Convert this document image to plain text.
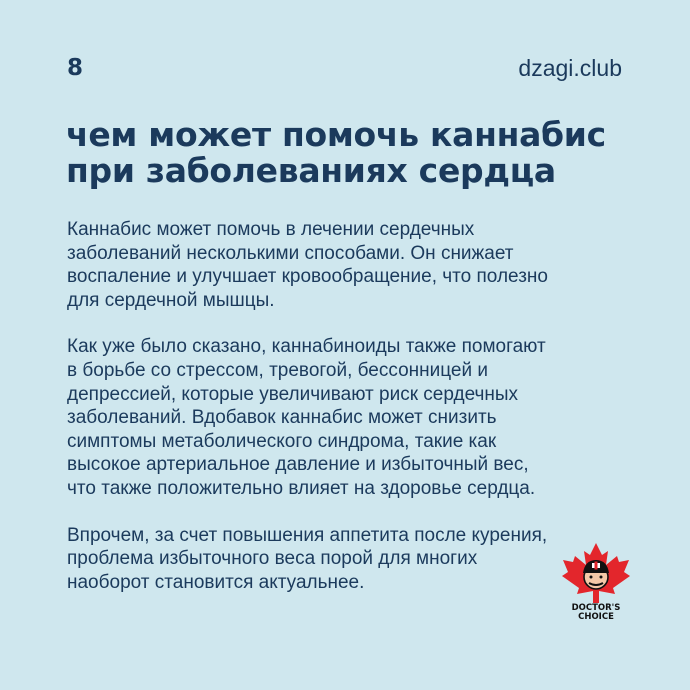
8	dzagi.club
чем может помочь каннабис
при заболеваниях сердца

Каннабис может помочь в лечении сердечных
заболеваний несколькими способами. Он снижает
воспаление и улучшает кровообращение, что полезно
для сердечной мышцы.

Как уже было сказано, каннабиноиды также помогают
в борьбе со стрессом, тревогой, бессонницей и
депрессией, которые увеличивают риск сердечных
заболеваний. Вдобавок каннабис может снизить
симптомы метаболического синдрома, такие как
высокое артериальное давление и избыточный вес,
что также положительно влияет на здоровье сердца.

Впрочем, за счет повышения аппетита после курения,
проблема избыточного веса порой для многих
наоборот становится актуальнее.

DOCTOR'S
CHOICE
